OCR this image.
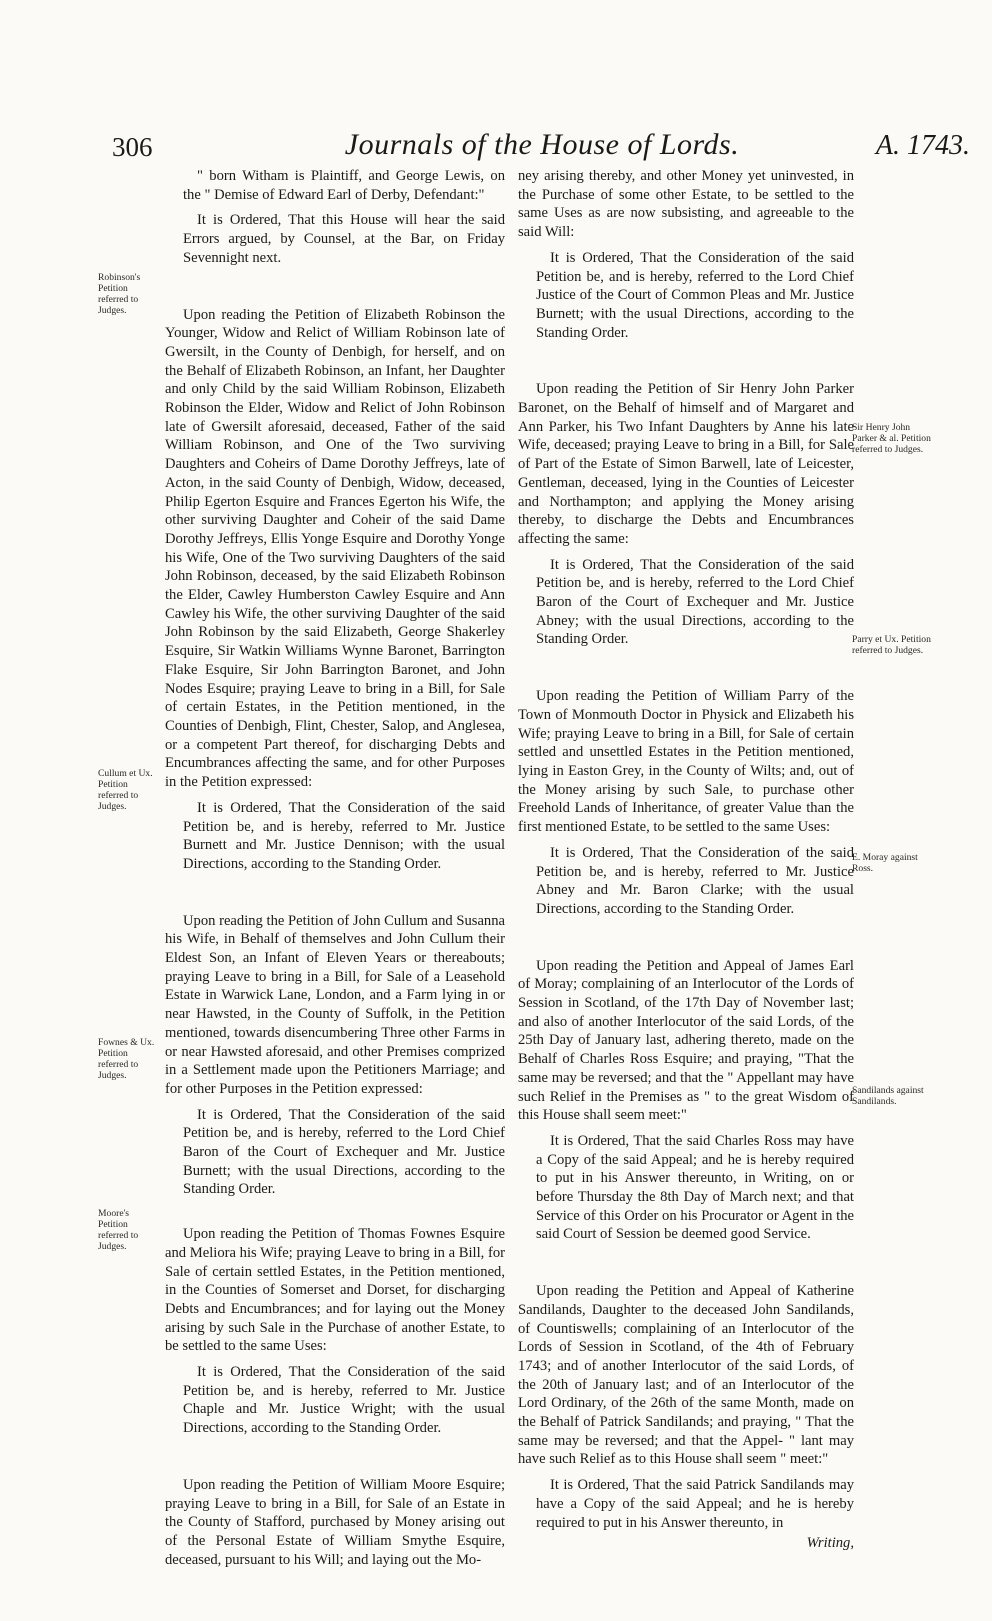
306	Journals of the House of Lords.	A. 1743.
Robinson's Petition referred to Judges.
Cullum et Ux. Petition referred to Judges.
Fownes & Ux. Petition referred to Judges.
Moore's Petition referred to Judges.
Sir Henry John Parker & al. Petition referred to Judges.
Parry et Ux. Petition referred to Judges.
E. Moray against Ross.
Sandilands against Sandilands.

" born Witham is Plaintiff, and George Lewis, on the " Demise of Edward Earl of Derby, Defendant:"

It is Ordered, That this House will hear the said Errors argued, by Counsel, at the Bar, on Friday Sevennight next.

Upon reading the Petition of Elizabeth Robinson the Younger, Widow and Relict of William Robinson late of Gwersilt, in the County of Denbigh, for herself, and on the Behalf of Elizabeth Robinson, an Infant, her Daughter and only Child by the said William Robinson, Elizabeth Robinson the Elder, Widow and Relict of John Robinson late of Gwersilt aforesaid, deceased, Father of the said William Robinson, and One of the Two surviving Daughters and Coheirs of Dame Dorothy Jeffreys, late of Acton, in the said County of Denbigh, Widow, deceased, Philip Egerton Esquire and Frances Egerton his Wife, the other surviving Daughter and Coheir of the said Dame Dorothy Jeffreys, Ellis Yonge Esquire and Dorothy Yonge his Wife, One of the Two surviving Daughters of the said John Robinson, deceased, by the said Elizabeth Robinson the Elder, Cawley Humberston Cawley Esquire and Ann Cawley his Wife, the other surviving Daughter of the said John Robinson by the said Elizabeth, George Shakerley Esquire, Sir Watkin Williams Wynne Baronet, Barrington Flake Esquire, Sir John Barrington Baronet, and John Nodes Esquire; praying Leave to bring in a Bill, for Sale of certain Estates, in the Petition mentioned, in the Counties of Denbigh, Flint, Chester, Salop, and Anglesea, or a competent Part thereof, for discharging Debts and Encumbrances affecting the same, and for other Purposes in the Petition expressed:

It is Ordered, That the Consideration of the said Petition be, and is hereby, referred to Mr. Justice Burnett and Mr. Justice Dennison; with the usual Directions, according to the Standing Order.

Upon reading the Petition of John Cullum and Susanna his Wife, in Behalf of themselves and John Cullum their Eldest Son, an Infant of Eleven Years or thereabouts; praying Leave to bring in a Bill, for Sale of a Leasehold Estate in Warwick Lane, London, and a Farm lying in or near Hawsted, in the County of Suffolk, in the Petition mentioned, towards disencumbering Three other Farms in or near Hawsted aforesaid, and other Premises comprized in a Settlement made upon the Petitioners Marriage; and for other Purposes in the Petition expressed:

It is Ordered, That the Consideration of the said Petition be, and is hereby, referred to the Lord Chief Baron of the Court of Exchequer and Mr. Justice Burnett; with the usual Directions, according to the Standing Order.

Upon reading the Petition of Thomas Fownes Esquire and Meliora his Wife; praying Leave to bring in a Bill, for Sale of certain settled Estates, in the Petition mentioned, in the Counties of Somerset and Dorset, for discharging Debts and Encumbrances; and for laying out the Money arising by such Sale in the Purchase of another Estate, to be settled to the same Uses:

It is Ordered, That the Consideration of the said Petition be, and is hereby, referred to Mr. Justice Chaple and Mr. Justice Wright; with the usual Directions, according to the Standing Order.

Upon reading the Petition of William Moore Esquire; praying Leave to bring in a Bill, for Sale of an Estate in the County of Stafford, purchased by Money arising out of the Personal Estate of William Smythe Esquire, deceased, pursuant to his Will; and laying out the Mo-

ney arising thereby, and other Money yet uninvested, in the Purchase of some other Estate, to be settled to the same Uses as are now subsisting, and agreeable to the said Will:

It is Ordered, That the Consideration of the said Petition be, and is hereby, referred to the Lord Chief Justice of the Court of Common Pleas and Mr. Justice Burnett; with the usual Directions, according to the Standing Order.

Upon reading the Petition of Sir Henry John Parker Baronet, on the Behalf of himself and of Margaret and Ann Parker, his Two Infant Daughters by Anne his late Wife, deceased; praying Leave to bring in a Bill, for Sale of Part of the Estate of Simon Barwell, late of Leicester, Gentleman, deceased, lying in the Counties of Leicester and Northampton; and applying the Money arising thereby, to discharge the Debts and Encumbrances affecting the same:

It is Ordered, That the Consideration of the said Petition be, and is hereby, referred to the Lord Chief Baron of the Court of Exchequer and Mr. Justice Abney; with the usual Directions, according to the Standing Order.

Upon reading the Petition of William Parry of the Town of Monmouth Doctor in Physick and Elizabeth his Wife; praying Leave to bring in a Bill, for Sale of certain settled and unsettled Estates in the Petition mentioned, lying in Easton Grey, in the County of Wilts; and, out of the Money arising by such Sale, to purchase other Freehold Lands of Inheritance, of greater Value than the first mentioned Estate, to be settled to the same Uses:

It is Ordered, That the Consideration of the said Petition be, and is hereby, referred to Mr. Justice Abney and Mr. Baron Clarke; with the usual Directions, according to the Standing Order.

Upon reading the Petition and Appeal of James Earl of Moray; complaining of an Interlocutor of the Lords of Session in Scotland, of the 17th Day of November last; and also of another Interlocutor of the said Lords, of the 25th Day of January last, adhering thereto, made on the Behalf of Charles Ross Esquire; and praying, "That the same may be reversed; and that the " Appellant may have such Relief in the Premises as " to the great Wisdom of this House shall seem meet:"

It is Ordered, That the said Charles Ross may have a Copy of the said Appeal; and he is hereby required to put in his Answer thereunto, in Writing, on or before Thursday the 8th Day of March next; and that Service of this Order on his Procurator or Agent in the said Court of Session be deemed good Service.

Upon reading the Petition and Appeal of Katherine Sandilands, Daughter to the deceased John Sandilands, of Countiswells; complaining of an Interlocutor of the Lords of Session in Scotland, of the 4th of February 1743; and of another Interlocutor of the said Lords, of the 20th of January last; and of an Interlocutor of the Lord Ordinary, of the 26th of the same Month, made on the Behalf of Patrick Sandilands; and praying, " That the same may be reversed; and that the Appel- " lant may have such Relief as to this House shall seem " meet:"

It is Ordered, That the said Patrick Sandilands may have a Copy of the said Appeal; and he is hereby required to put in his Answer thereunto, in

Writing,
